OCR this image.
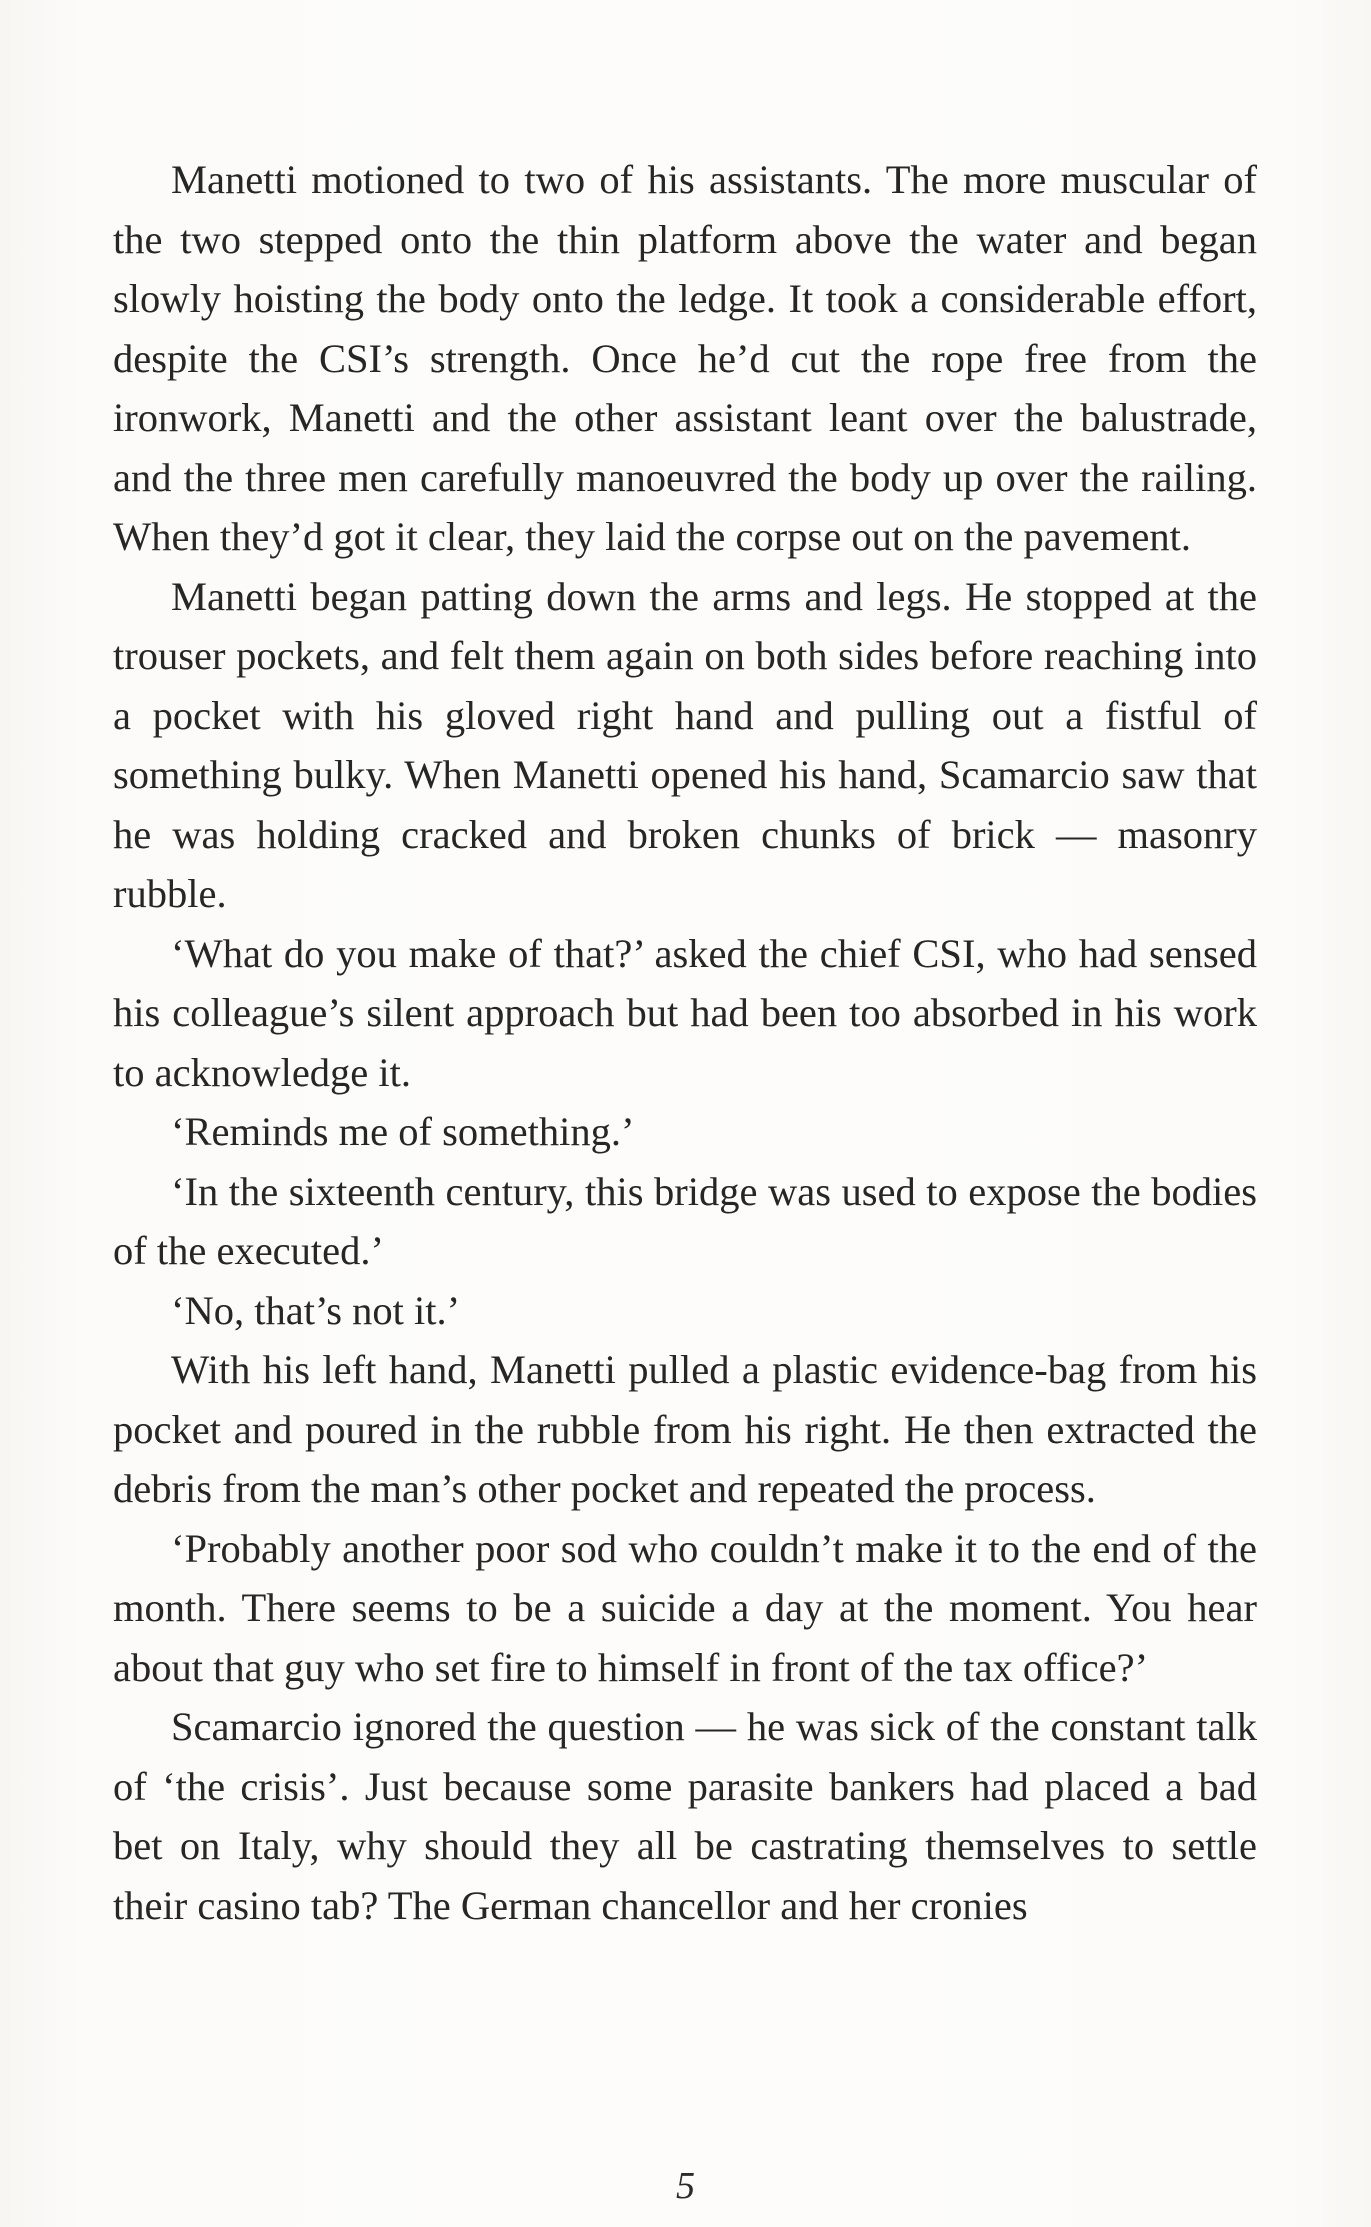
Manetti motioned to two of his assistants. The more muscular of the two stepped onto the thin platform above the water and began slowly hoisting the body onto the ledge. It took a considerable effort, despite the CSI’s strength. Once he’d cut the rope free from the ironwork, Manetti and the other assistant leant over the balustrade, and the three men carefully manoeuvred the body up over the railing. When they’d got it clear, they laid the corpse out on the pavement.

Manetti began patting down the arms and legs. He stopped at the trouser pockets, and felt them again on both sides before reaching into a pocket with his gloved right hand and pulling out a fistful of something bulky. When Manetti opened his hand, Scamarcio saw that he was holding cracked and broken chunks of brick — masonry rubble.

‘What do you make of that?’ asked the chief CSI, who had sensed his colleague’s silent approach but had been too absorbed in his work to acknowledge it.

‘Reminds me of something.’

‘In the sixteenth century, this bridge was used to expose the bodies of the executed.’

‘No, that’s not it.’

With his left hand, Manetti pulled a plastic evidence-bag from his pocket and poured in the rubble from his right. He then extracted the debris from the man’s other pocket and repeated the process.

‘Probably another poor sod who couldn’t make it to the end of the month. There seems to be a suicide a day at the moment. You hear about that guy who set fire to himself in front of the tax office?’

Scamarcio ignored the question — he was sick of the constant talk of ‘the crisis’. Just because some parasite bankers had placed a bad bet on Italy, why should they all be castrating themselves to settle their casino tab? The German chancellor and her cronies

5
